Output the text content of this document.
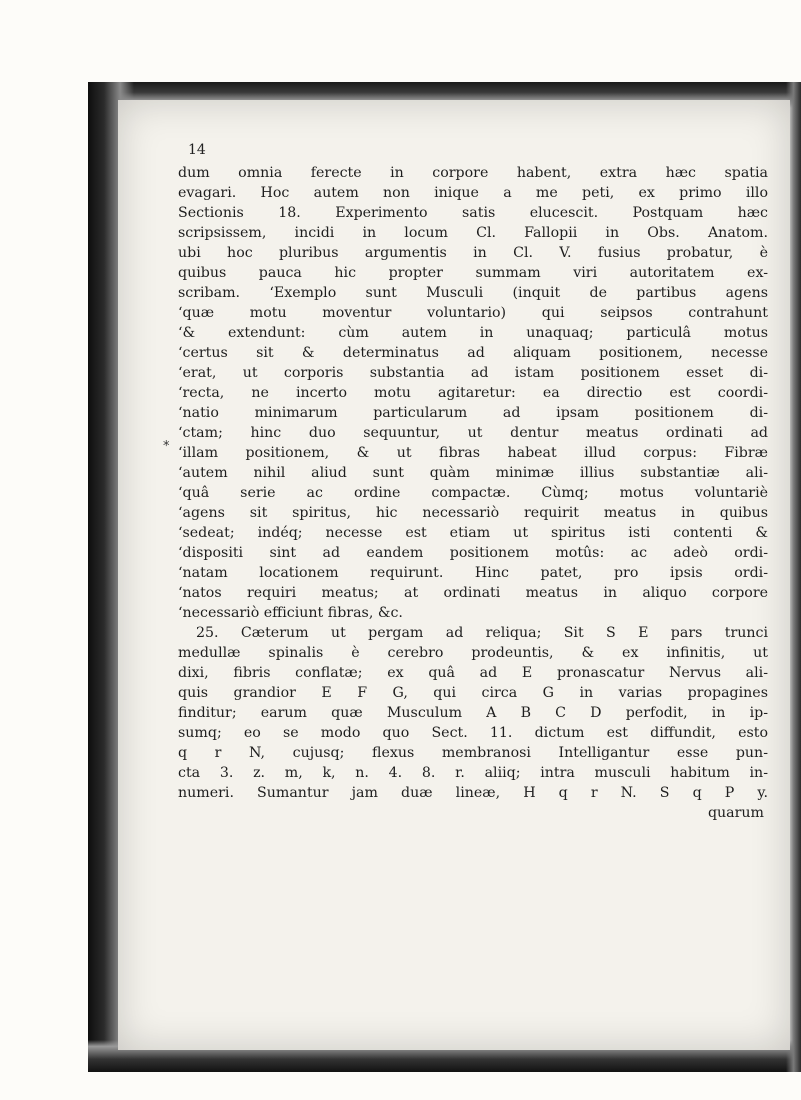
14
*
dum omnia ferecte in corpore habent, extra hæc spatia
evagari. Hoc autem non inique a me peti, ex primo illo
Sectionis 18. Experimento satis elucescit. Postquam hæc
scripsissem, incidi in locum Cl. Fallopii in Obs. Anatom.
ubi hoc pluribus argumentis in Cl. V. fusius probatur, è
quibus pauca hic propter summam viri autoritatem ex-
scribam. ‘Exemplo sunt Musculi (inquit de partibus agens
‘quæ motu moventur voluntario) qui seipsos contrahunt
‘& extendunt: cùm autem in unaquaq; particulâ motus
‘certus sit & determinatus ad aliquam positionem, necesse
‘erat, ut corporis substantia ad istam positionem esset di-
‘recta, ne incerto motu agitaretur: ea directio est coordi-
‘natio minimarum particularum ad ipsam positionem di-
‘ctam; hinc duo sequuntur, ut dentur meatus ordinati ad
‘illam positionem, & ut fibras habeat illud corpus: Fibræ
‘autem nihil aliud sunt quàm minimæ illius substantiæ ali-
‘quâ serie ac ordine compactæ. Cùmq; motus voluntariè
‘agens sit spiritus, hic necessariò requirit meatus in quibus
‘sedeat; indéq; necesse est etiam ut spiritus isti contenti &
‘dispositi sint ad eandem positionem motûs: ac adeò ordi-
‘natam locationem requirunt. Hinc patet, pro ipsis ordi-
‘natos requiri meatus; at ordinati meatus in aliquo corpore
‘necessariò efficiunt fibras, &c.
25. Cæterum ut pergam ad reliqua; Sit S E pars trunci
medullæ spinalis è cerebro prodeuntis, & ex infinitis, ut
dixi, fibris conflatæ; ex quâ ad E pronascatur Nervus ali-
quis grandior E F G, qui circa G in varias propagines
finditur; earum quæ Musculum A B C D perfodit, in ip-
sumq; eo se modo quo Sect. 11. dictum est diffundit, esto
q r N, cujusq; flexus membranosi Intelligantur esse pun-
cta 3. z. m, k, n. 4. 8. r. aliiq; intra musculi habitum in-
numeri. Sumantur jam duæ lineæ, H q r N. S q P y.
quarum
